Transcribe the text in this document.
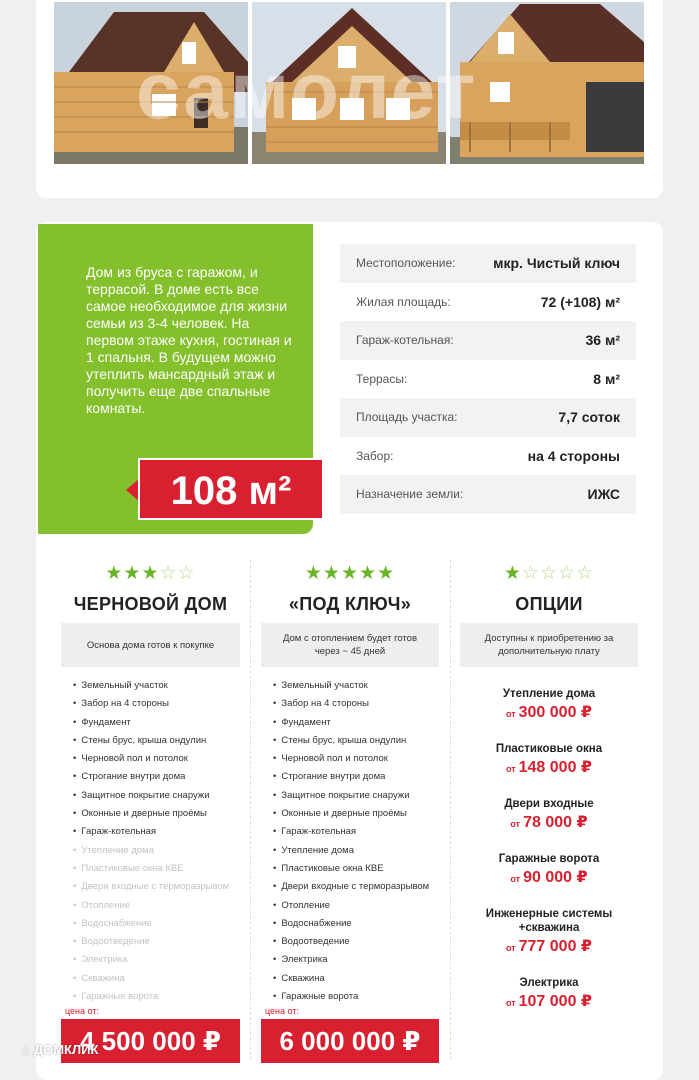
самолет
Дом из бруса с гаражом, и террасой. В доме есть все самое необходимое для жизни семьи из 3-4 человек. На первом этаже кухня, гостиная и 1 спальня. В будущем можно утеплить мансардный этаж и получить еще две спальные комнаты.
108 м²
Местоположение:	мкр. Чистый ключ
Жилая площадь:	72 (+108) м²
Гараж-котельная:	36 м²
Террасы:	8 м²
Площадь участка:	7,7 соток
Забор:	на 4 стороны
Назначение земли:	ИЖС
★★★☆☆
ЧЕРНОВОЙ ДОМ
Основа дома готов к покупке
• Земельный участок
• Забор на 4 стороны
• Фундамент
• Стены брус, крыша ондулин
• Черновой пол и потолок
• Строгание внутри дома
• Защитное покрытие снаружи
• Оконные и дверные проёмы
• Гараж-котельная
• Утепление дома
• Пластиковые окна КВЕ
• Двери входные с терморазрывом
• Отопление
• Водоснабжение
• Водоотведение
• Электрика
• Скважина
• Гаражные ворота
цена от:
4 500 000 ₽
★★★★★
«ПОД КЛЮЧ»
Дом с отоплением будет готов через ~ 45 дней
• Земельный участок
• Забор на 4 стороны
• Фундамент
• Стены брус, крыша ондулин
• Черновой пол и потолок
• Строгание внутри дома
• Защитное покрытие снаружи
• Оконные и дверные проёмы
• Гараж-котельная
• Утепление дома
• Пластиковые окна КВЕ
• Двери входные с терморазрывом
• Отопление
• Водоснабжение
• Водоотведение
• Электрика
• Скважина
• Гаражные ворота
цена от:
6 000 000 ₽
★☆☆☆☆
ОПЦИИ
Доступны к приобретению за дополнительную плату
Утепление дома
от 300 000 ₽
Пластиковые окна
от 148 000 ₽
Двери входные
от 78 000 ₽
Гаражные ворота
от 90 000 ₽
Инженерные системы +скважина
от 777 000 ₽
Электрика
от 107 000 ₽
⌂ ДОМКЛИК
